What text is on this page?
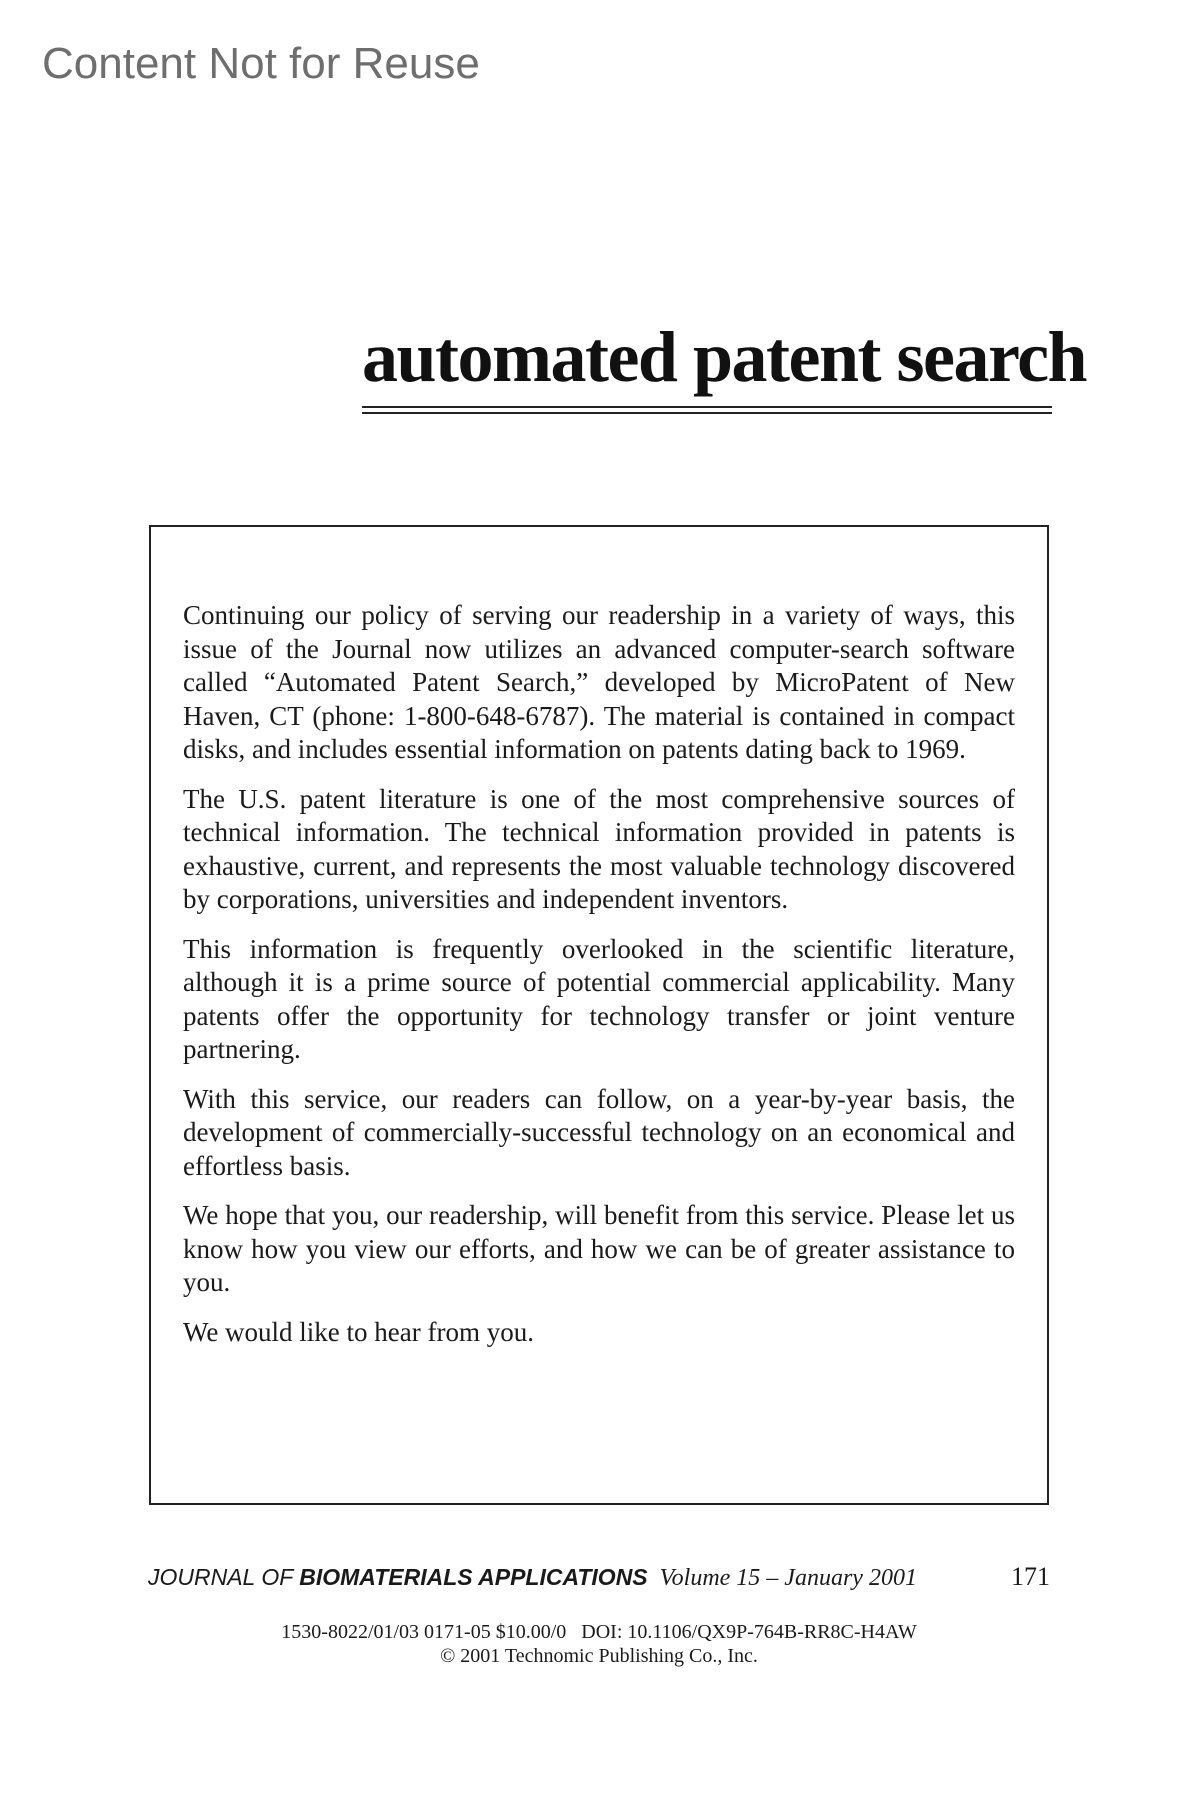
Content Not for Reuse
automated patent search

Continuing our policy of serving our readership in a variety of ways, this issue of the Journal now utilizes an advanced computer-search software called “Automated Patent Search,” developed by MicroPatent of New Haven, CT (phone: 1-800-648-6787). The material is contained in compact disks, and includes essential information on patents dating back to 1969.

The U.S. patent literature is one of the most comprehensive sources of technical information. The technical information provided in patents is exhaustive, current, and represents the most valuable technology discovered by corporations, universities and independent inventors.

This information is frequently overlooked in the scientific literature, although it is a prime source of potential commercial applicability. Many patents offer the opportunity for technology transfer or joint venture partnering.

With this service, our readers can follow, on a year-by-year basis, the development of commercially-successful technology on an economical and effortless basis.

We hope that you, our readership, will benefit from this service. Please let us know how you view our efforts, and how we can be of greater assistance to you.

We would like to hear from you.

JOURNAL OF BIOMATERIALS APPLICATIONS Volume 15 – January 2001	171
1530-8022/01/03 0171-05 $10.00/0   DOI: 10.1106/QX9P-764B-RR8C-H4AW
© 2001 Technomic Publishing Co., Inc.
